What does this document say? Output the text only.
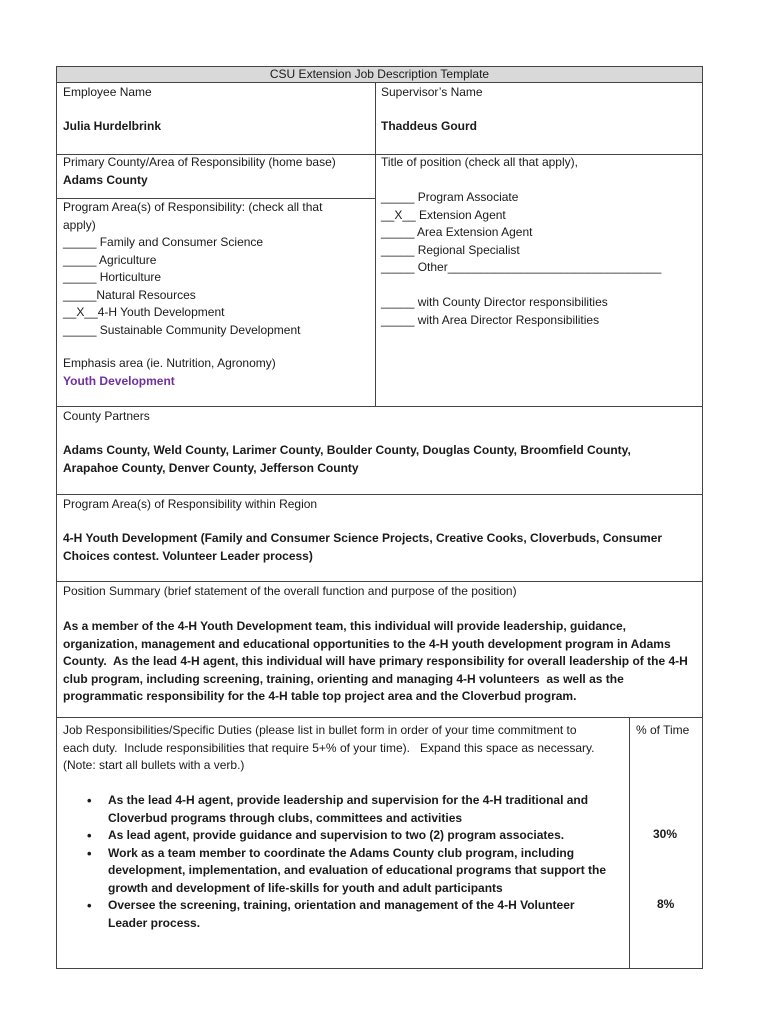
CSU Extension Job Description Template
Employee Name
Julia Hurdelbrink
Supervisor’s Name
Thaddeus Gourd
Primary County/Area of Responsibility (home base)
Adams County
Program Area(s) of Responsibility: (check all that
apply)
_____ Family and Consumer Science
_____ Agriculture
_____ Horticulture
_____Natural Resources
__X__4-H Youth Development
_____ Sustainable Community Development
Emphasis area (ie. Nutrition, Agronomy)
Youth Development
Title of position (check all that apply),
_____ Program Associate
__X__ Extension Agent
_____ Area Extension Agent
_____ Regional Specialist
_____ Other________________________________
_____ with County Director responsibilities
_____ with Area Director Responsibilities
County Partners
Adams County, Weld County, Larimer County, Boulder County, Douglas County, Broomfield County,
Arapahoe County, Denver County, Jefferson County
Program Area(s) of Responsibility within Region
4-H Youth Development (Family and Consumer Science Projects, Creative Cooks, Cloverbuds, Consumer
Choices contest. Volunteer Leader process)
Position Summary (brief statement of the overall function and purpose of the position)
As a member of the 4-H Youth Development team, this individual will provide leadership, guidance,
organization, management and educational opportunities to the 4-H youth development program in Adams
County.  As the lead 4-H agent, this individual will have primary responsibility for overall leadership of the 4-H
club program, including screening, training, orienting and managing 4-H volunteers  as well as the
programmatic responsibility for the 4-H table top project area and the Cloverbud program.
Job Responsibilities/Specific Duties (please list in bullet form in order of your time commitment to
each duty.  Include responsibilities that require 5+% of your time).   Expand this space as necessary.
(Note: start all bullets with a verb.)
% of Time
• As the lead 4-H agent, provide leadership and supervision for the 4-H traditional and
Cloverbud programs through clubs, committees and activities
• As lead agent, provide guidance and supervision to two (2) program associates.
• Work as a team member to coordinate the Adams County club program, including
development, implementation, and evaluation of educational programs that support the
growth and development of life-skills for youth and adult participants
• Oversee the screening, training, orientation and management of the 4-H Volunteer
Leader process.
30%
8%
